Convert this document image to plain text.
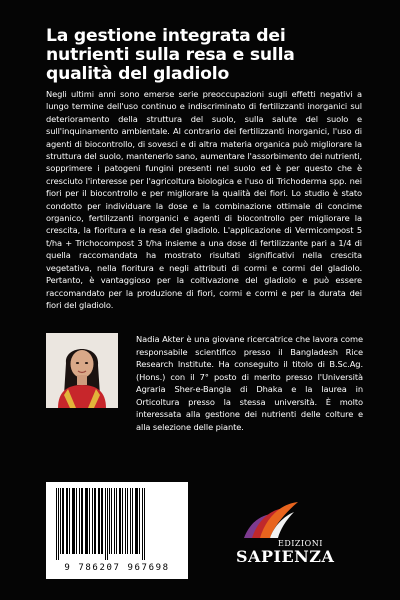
La gestione integrata dei nutrienti sulla resa e sulla qualità del gladiolo

Negli ultimi anni sono emerse serie preoccupazioni sugli effetti negativi a lungo termine dell'uso continuo e indiscriminato di fertilizzanti inorganici sul deterioramento della struttura del suolo, sulla salute del suolo e sull'inquinamento ambientale. Al contrario dei fertilizzanti inorganici, l'uso di agenti di biocontrollo, di sovesci e di altra materia organica può migliorare la struttura del suolo, mantenerlo sano, aumentare l'assorbimento dei nutrienti, sopprimere i patogeni fungini presenti nel suolo ed è per questo che è cresciuto l'interesse per l'agricoltura biologica e l'uso di Trichoderma spp. nei fiori per il biocontrollo e per migliorare la qualità dei fiori. Lo studio è stato condotto per individuare la dose e la combinazione ottimale di concime organico, fertilizzanti inorganici e agenti di biocontrollo per migliorare la crescita, la fioritura e la resa del gladiolo. L'applicazione di Vermicompost 5 t/ha + Trichocompost 3 t/ha insieme a una dose di fertilizzante pari a 1/4 di quella raccomandata ha mostrato risultati significativi nella crescita vegetativa, nella fioritura e negli attributi di cormi e cormi del gladiolo. Pertanto, è vantaggioso per la coltivazione del gladiolo e può essere raccomandato per la produzione di fiori, cormi e cormi e per la durata dei fiori del gladiolo.

Nadia Akter è una giovane ricercatrice che lavora come responsabile scientifico presso il Bangladesh Rice Research Institute. Ha conseguito il titolo di B.Sc.Ag. (Hons.) con il 7° posto di merito presso l'Università Agraria Sher-e-Bangla di Dhaka e la laurea in Orticoltura presso la stessa università. È molto interessata alla gestione dei nutrienti delle colture e alla selezione delle piante.

9 786207 967698
EDIZIONI
SAPIENZA
